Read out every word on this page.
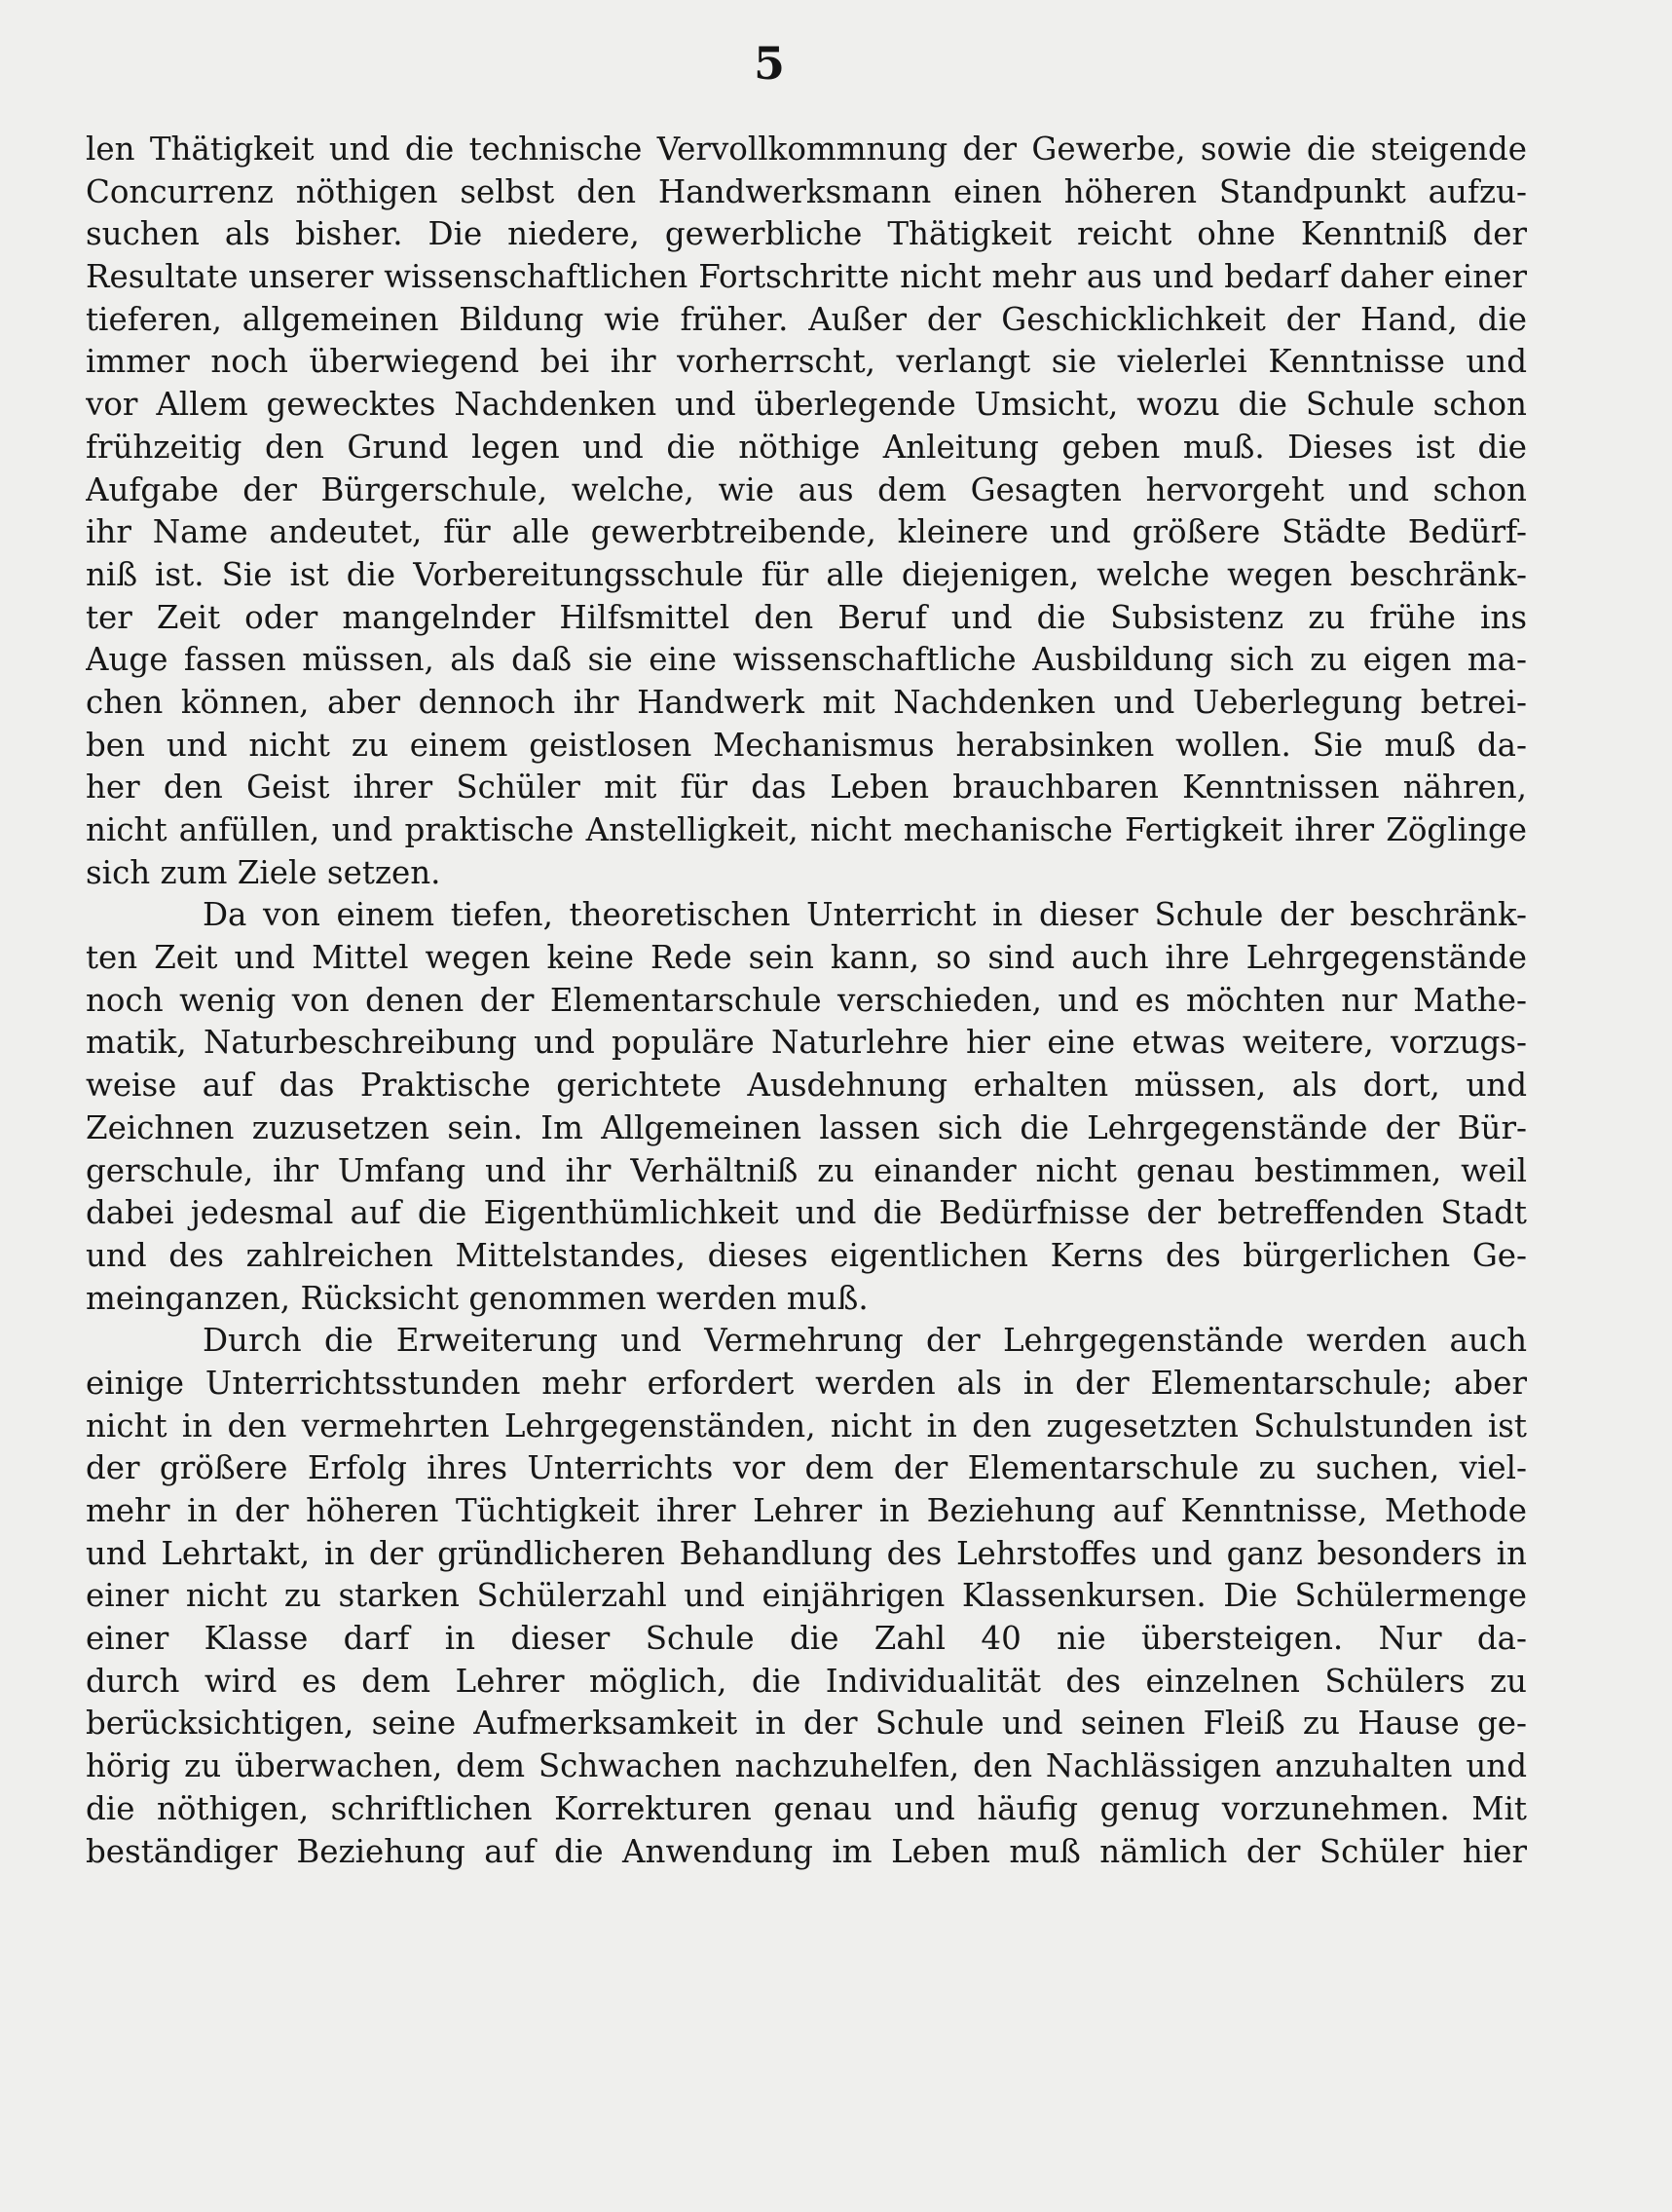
5
len Thätigkeit und die technische Vervollkommnung der Gewerbe, sowie die steigende
Concurrenz nöthigen selbst den Handwerksmann einen höheren Standpunkt aufzu-
suchen als bisher. Die niedere, gewerbliche Thätigkeit reicht ohne Kenntniß der
Resultate unserer wissenschaftlichen Fortschritte nicht mehr aus und bedarf daher einer
tieferen, allgemeinen Bildung wie früher. Außer der Geschicklichkeit der Hand, die
immer noch überwiegend bei ihr vorherrscht, verlangt sie vielerlei Kenntnisse und
vor Allem gewecktes Nachdenken und überlegende Umsicht, wozu die Schule schon
frühzeitig den Grund legen und die nöthige Anleitung geben muß. Dieses ist die
Aufgabe der Bürgerschule, welche, wie aus dem Gesagten hervorgeht und schon
ihr Name andeutet, für alle gewerbtreibende, kleinere und größere Städte Bedürf-
niß ist. Sie ist die Vorbereitungsschule für alle diejenigen, welche wegen beschränk-
ter Zeit oder mangelnder Hilfsmittel den Beruf und die Subsistenz zu frühe ins
Auge fassen müssen, als daß sie eine wissenschaftliche Ausbildung sich zu eigen ma-
chen können, aber dennoch ihr Handwerk mit Nachdenken und Ueberlegung betrei-
ben und nicht zu einem geistlosen Mechanismus herabsinken wollen. Sie muß da-
her den Geist ihrer Schüler mit für das Leben brauchbaren Kenntnissen nähren,
nicht anfüllen, und praktische Anstelligkeit, nicht mechanische Fertigkeit ihrer Zöglinge
sich zum Ziele setzen.
Da von einem tiefen, theoretischen Unterricht in dieser Schule der beschränk-
ten Zeit und Mittel wegen keine Rede sein kann, so sind auch ihre Lehrgegenstände
noch wenig von denen der Elementarschule verschieden, und es möchten nur Mathe-
matik, Naturbeschreibung und populäre Naturlehre hier eine etwas weitere, vorzugs-
weise auf das Praktische gerichtete Ausdehnung erhalten müssen, als dort, und
Zeichnen zuzusetzen sein. Im Allgemeinen lassen sich die Lehrgegenstände der Bür-
gerschule, ihr Umfang und ihr Verhältniß zu einander nicht genau bestimmen, weil
dabei jedesmal auf die Eigenthümlichkeit und die Bedürfnisse der betreffenden Stadt
und des zahlreichen Mittelstandes, dieses eigentlichen Kerns des bürgerlichen Ge-
meinganzen, Rücksicht genommen werden muß.
Durch die Erweiterung und Vermehrung der Lehrgegenstände werden auch
einige Unterrichtsstunden mehr erfordert werden als in der Elementarschule; aber
nicht in den vermehrten Lehrgegenständen, nicht in den zugesetzten Schulstunden ist
der größere Erfolg ihres Unterrichts vor dem der Elementarschule zu suchen, viel-
mehr in der höheren Tüchtigkeit ihrer Lehrer in Beziehung auf Kenntnisse, Methode
und Lehrtakt, in der gründlicheren Behandlung des Lehrstoffes und ganz besonders in
einer nicht zu starken Schülerzahl und einjährigen Klassenkursen. Die Schülermenge
einer Klasse darf in dieser Schule die Zahl 40 nie übersteigen. Nur da-
durch wird es dem Lehrer möglich, die Individualität des einzelnen Schülers zu
berücksichtigen, seine Aufmerksamkeit in der Schule und seinen Fleiß zu Hause ge-
hörig zu überwachen, dem Schwachen nachzuhelfen, den Nachlässigen anzuhalten und
die nöthigen, schriftlichen Korrekturen genau und häufig genug vorzunehmen. Mit
beständiger Beziehung auf die Anwendung im Leben muß nämlich der Schüler hier
